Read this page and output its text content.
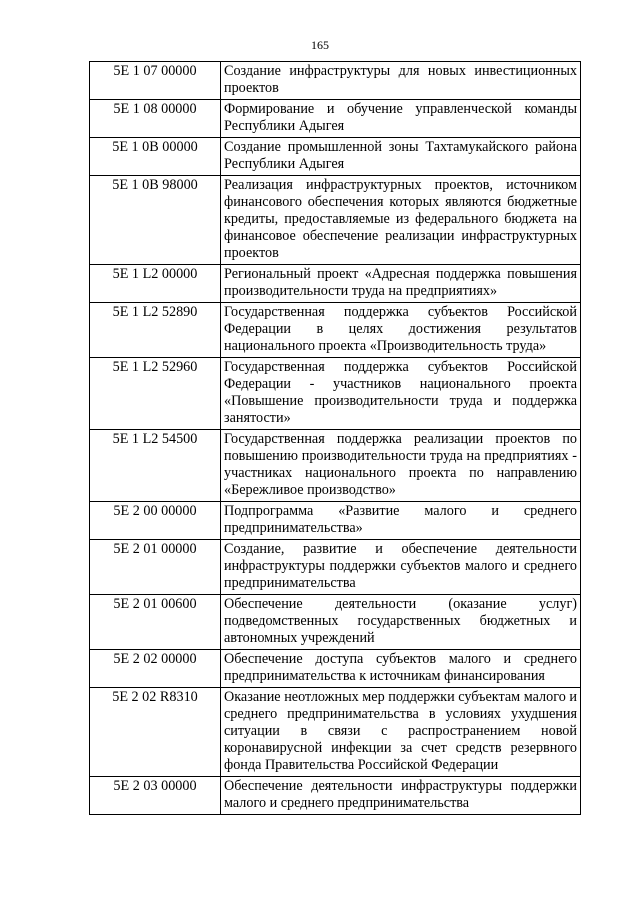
165
5Е 1 07 00000	Создание инфраструктуры для новых инвестиционных проектов
5Е 1 08 00000	Формирование и обучение управленческой команды Республики Адыгея
5Е 1 0В 00000	Создание промышленной зоны Тахтамукайского района Республики Адыгея
5Е 1 0В 98000	Реализация инфраструктурных проектов, источником финансового обеспечения которых являются бюджетные кредиты, предоставляемые из федерального бюджета на финансовое обеспечение реализации инфраструктурных проектов
5Е 1 L2 00000	Региональный проект «Адресная поддержка повышения производительности труда на предприятиях»
5Е 1 L2 52890	Государственная поддержка субъектов Российской Федерации в целях достижения результатов национального проекта «Производительность труда»
5Е 1 L2 52960	Государственная поддержка субъектов Российской Федерации - участников национального проекта «Повышение производительности труда и поддержка занятости»
5Е 1 L2 54500	Государственная поддержка реализации проектов по повышению производительности труда на предприятиях - участниках национального проекта по направлению «Бережливое производство»
5Е 2 00 00000	Подпрограмма «Развитие малого и среднего предпринимательства»
5Е 2 01 00000	Создание, развитие и обеспечение деятельности инфраструктуры поддержки субъектов малого и среднего предпринимательства
5Е 2 01 00600	Обеспечение деятельности (оказание услуг) подведомственных государственных бюджетных и автономных учреждений
5Е 2 02 00000	Обеспечение доступа субъектов малого и среднего предпринимательства к источникам финансирования
5Е 2 02 R8310	Оказание неотложных мер поддержки субъектам малого и среднего предпринимательства в условиях ухудшения ситуации в связи с распространением новой коронавирусной инфекции за счет средств резервного фонда Правительства Российской Федерации
5Е 2 03 00000	Обеспечение деятельности инфраструктуры поддержки малого и среднего предпринимательства
